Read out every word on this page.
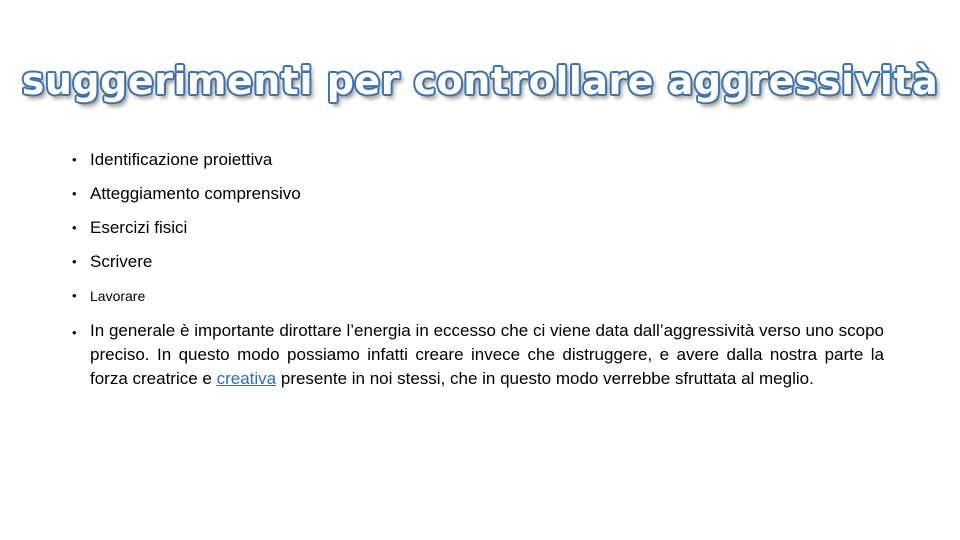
suggerimenti per controllare aggressività
• Identificazione proiettiva
• Atteggiamento comprensivo
• Esercizi fisici
• Scrivere
• Lavorare
• In generale è importante dirottare l’energia in eccesso che ci viene data dall’aggressività verso uno scopo preciso. In questo modo possiamo infatti creare invece che distruggere, e avere dalla nostra parte la forza creatrice e creativa presente in noi stessi, che in questo modo verrebbe sfruttata al meglio.
